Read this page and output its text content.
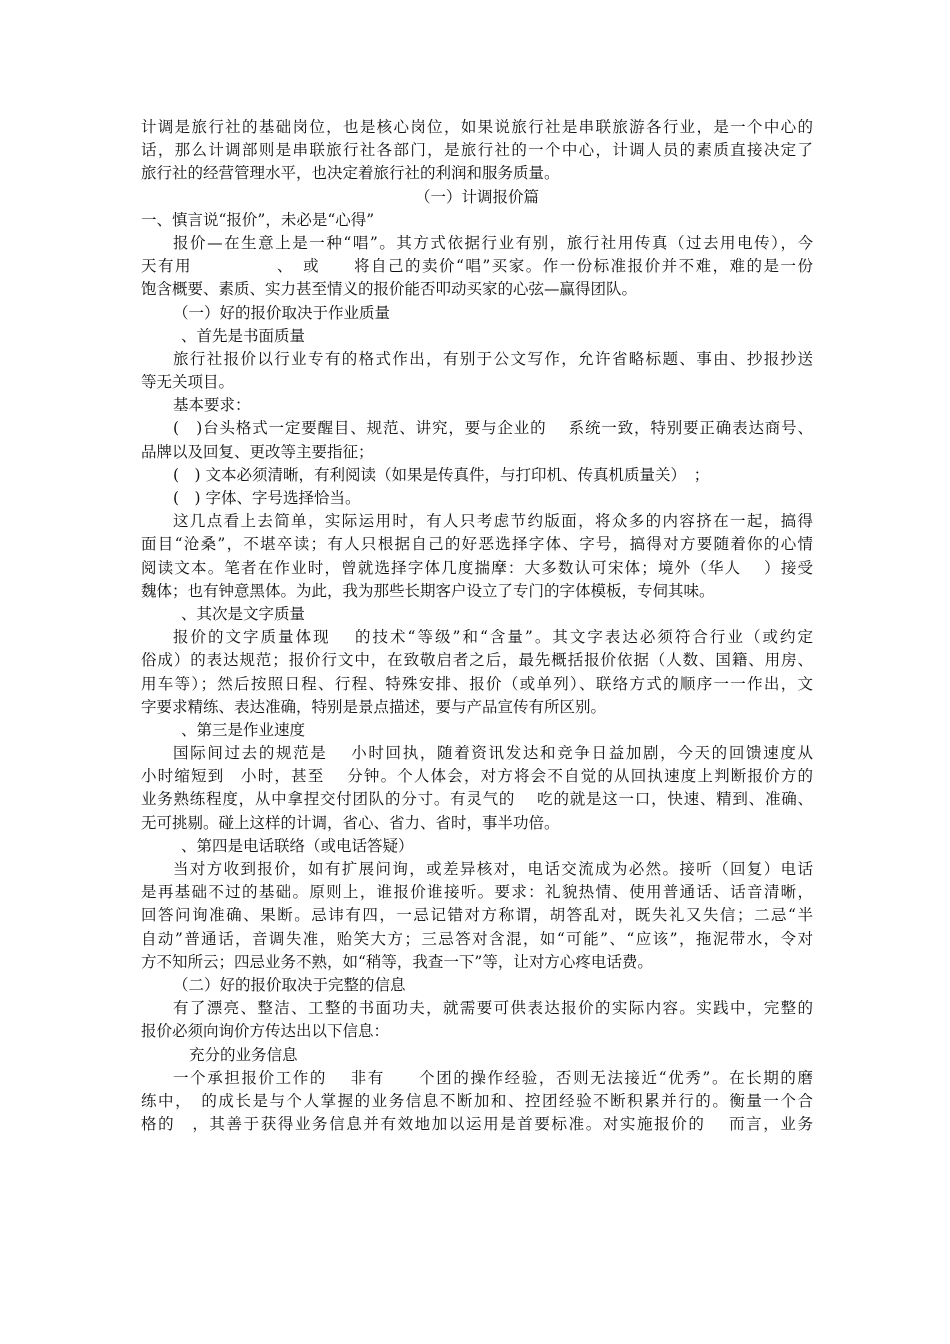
计调是旅行社的基础岗位，也是核心岗位，如果说旅行社是串联旅游各行业，是一个中心的
话，那么计调部则是串联旅行社各部门，是旅行社的一个中心，计调人员的素质直接决定了
旅行社的经营管理水平，也决定着旅行社的利润和服务质量。
（一）计调报价篇
一、慎言说“报价”，未必是“心得”
报价—在生意上是一种“唱”。其方式依据行业有别，旅行社用传真（过去用电传），今
天有用　　　　　、　或　　将自己的卖价“唱”买家。作一份标准报价并不难，难的是一份
饱含概要、素质、实力甚至情义的报价能否叩动买家的心弦—赢得团队。
（一）好的报价取决于作业质量
、首先是书面质量
旅行社报价以行业专有的格式作出，有别于公文写作，允许省略标题、事由、抄报抄送
等无关项目。
基本要求：
(　)台头格式一定要醒目、规范、讲究，要与企业的　 系统一致，特别要正确表达商号、
品牌以及回复、更改等主要指征；
(　) 文本必须清晰，有利阅读（如果是传真件，与打印机、传真机质量关）　；
(　) 字体、字号选择恰当。
这几点看上去简单，实际运用时，有人只考虑节约版面，将众多的内容挤在一起，搞得
面目“沧桑”，不堪卒读；有人只根据自己的好恶选择字体、字号，搞得对方要随着你的心情
阅读文本。笔者在作业时，曾就选择字体几度揣摩：大多数认可宋体；境外（华人　 ）接受
魏体；也有钟意黑体。为此，我为那些长期客户设立了专门的字体模板，专伺其味。
、其次是文字质量
报价的文字质量体现　 的技术“等级”和“含量”。其文字表达必须符合行业（或约定
俗成）的表达规范；报价行文中，在致敬启者之后，最先概括报价依据（人数、国籍、用房、
用车等）；然后按照日程、行程、特殊安排、报价（或单列）、联络方式的顺序一一作出，文
字要求精练、表达准确，特别是景点描述，要与产品宣传有所区别。
、第三是作业速度
国际间过去的规范是　 小时回执，随着资讯发达和竞争日益加剧，今天的回馈速度从
小时缩短到　小时，甚至　 分钟。个人体会，对方将会不自觉的从回执速度上判断报价方的
业务熟练程度，从中拿捏交付团队的分寸。有灵气的　 吃的就是这一口，快速、精到、准确、
无可挑剔。碰上这样的计调，省心、省力、省时，事半功倍。
、第四是电话联络（或电话答疑）
当对方收到报价，如有扩展问询，或差异核对，电话交流成为必然。接听（回复）电话
是再基础不过的基础。原则上，谁报价谁接听。要求：礼貌热情、使用普通话、话音清晰，
回答问询准确、果断。忌讳有四，一忌记错对方称谓，胡答乱对，既失礼又失信；二忌“半
自动”普通话，音调失准，贻笑大方；三忌答对含混，如“可能”、“应该”，拖泥带水，令对
方不知所云；四忌业务不熟，如“稍等，我查一下”等，让对方心疼电话费。
（二）好的报价取决于完整的信息
有了漂亮、整洁、工整的书面功夫，就需要可供表达报价的实际内容。实践中，完整的
报价必须向询价方传达出以下信息：
充分的业务信息
一个承担报价工作的　 非有　　个团的操作经验，否则无法接近“优秀”。在长期的磨
练中，　的成长是与个人掌握的业务信息不断加和、控团经验不断积累并行的。衡量一个合
格的　，其善于获得业务信息并有效地加以运用是首要标准。对实施报价的　 而言，业务
